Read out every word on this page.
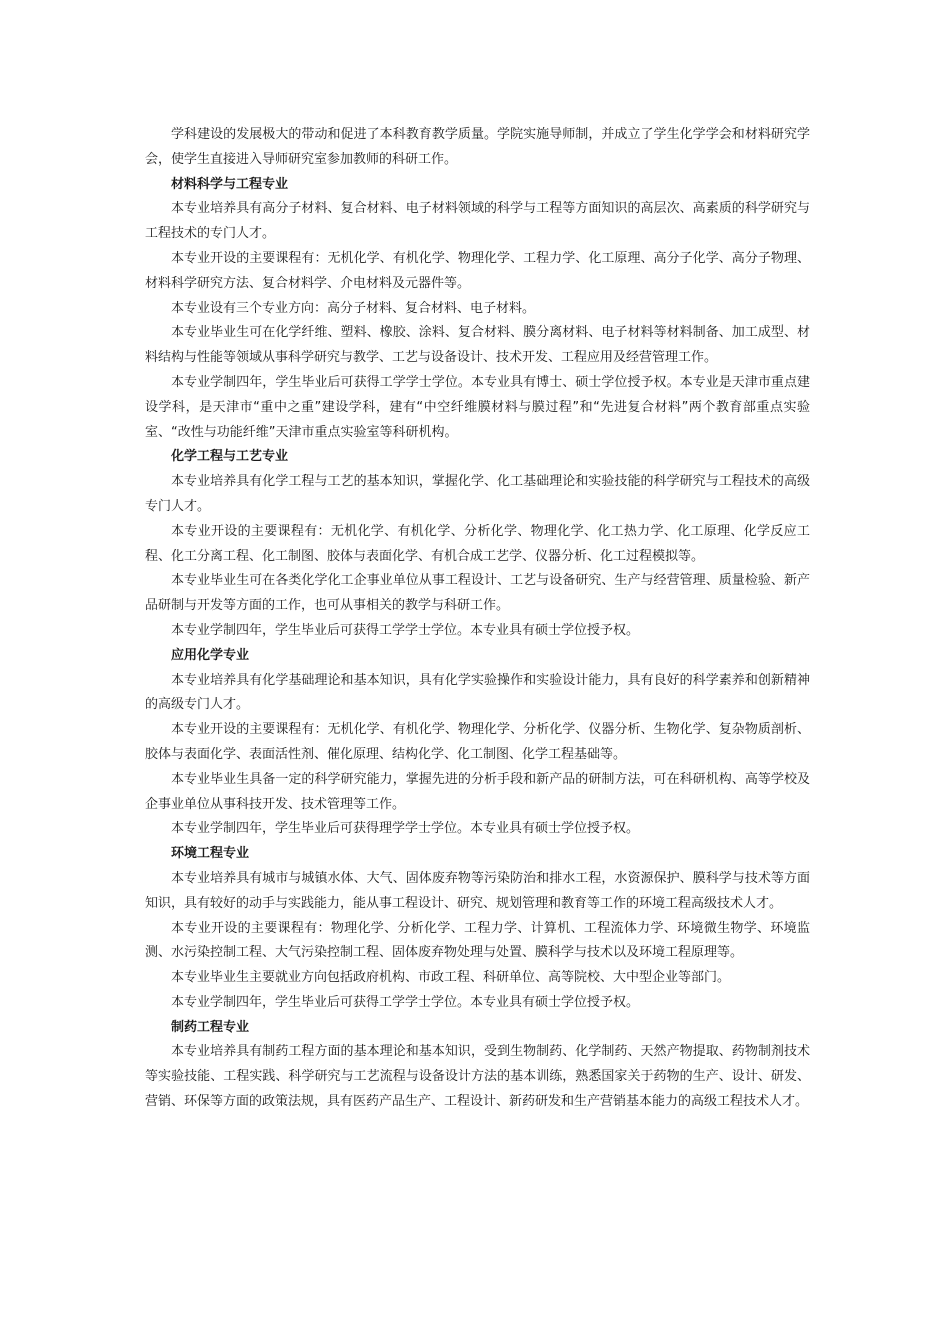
学科建设的发展极大的带动和促进了本科教育教学质量。学院实施导师制，并成立了学生化学学会和材料研究学会，使学生直接进入导师研究室参加教师的科研工作。

材料科学与工程专业

本专业培养具有高分子材料、复合材料、电子材料领域的科学与工程等方面知识的高层次、高素质的科学研究与工程技术的专门人才。

本专业开设的主要课程有：无机化学、有机化学、物理化学、工程力学、化工原理、高分子化学、高分子物理、材料科学研究方法、复合材料学、介电材料及元器件等。

本专业设有三个专业方向：高分子材料、复合材料、电子材料。

本专业毕业生可在化学纤维、塑料、橡胶、涂料、复合材料、膜分离材料、电子材料等材料制备、加工成型、材料结构与性能等领域从事科学研究与教学、工艺与设备设计、技术开发、工程应用及经营管理工作。

本专业学制四年，学生毕业后可获得工学学士学位。本专业具有博士、硕士学位授予权。本专业是天津市重点建设学科，是天津市“重中之重”建设学科，建有“中空纤维膜材料与膜过程”和“先进复合材料”两个教育部重点实验室、“改性与功能纤维”天津市重点实验室等科研机构。

化学工程与工艺专业

本专业培养具有化学工程与工艺的基本知识，掌握化学、化工基础理论和实验技能的科学研究与工程技术的高级专门人才。

本专业开设的主要课程有：无机化学、有机化学、分析化学、物理化学、化工热力学、化工原理、化学反应工程、化工分离工程、化工制图、胶体与表面化学、有机合成工艺学、仪器分析、化工过程模拟等。

本专业毕业生可在各类化学化工企事业单位从事工程设计、工艺与设备研究、生产与经营管理、质量检验、新产品研制与开发等方面的工作，也可从事相关的教学与科研工作。

本专业学制四年，学生毕业后可获得工学学士学位。本专业具有硕士学位授予权。

应用化学专业

本专业培养具有化学基础理论和基本知识，具有化学实验操作和实验设计能力，具有良好的科学素养和创新精神的高级专门人才。

本专业开设的主要课程有：无机化学、有机化学、物理化学、分析化学、仪器分析、生物化学、复杂物质剖析、胶体与表面化学、表面活性剂、催化原理、结构化学、化工制图、化学工程基础等。

本专业毕业生具备一定的科学研究能力，掌握先进的分析手段和新产品的研制方法，可在科研机构、高等学校及企事业单位从事科技开发、技术管理等工作。

本专业学制四年，学生毕业后可获得理学学士学位。本专业具有硕士学位授予权。

环境工程专业

本专业培养具有城市与城镇水体、大气、固体废弃物等污染防治和排水工程，水资源保护、膜科学与技术等方面知识，具有较好的动手与实践能力，能从事工程设计、研究、规划管理和教育等工作的环境工程高级技术人才。

本专业开设的主要课程有：物理化学、分析化学、工程力学、计算机、工程流体力学、环境微生物学、环境监测、水污染控制工程、大气污染控制工程、固体废弃物处理与处置、膜科学与技术以及环境工程原理等。

本专业毕业生主要就业方向包括政府机构、市政工程、科研单位、高等院校、大中型企业等部门。

本专业学制四年，学生毕业后可获得工学学士学位。本专业具有硕士学位授予权。

制药工程专业

本专业培养具有制药工程方面的基本理论和基本知识，受到生物制药、化学制药、天然产物提取、药物制剂技术等实验技能、工程实践、科学研究与工艺流程与设备设计方法的基本训练，熟悉国家关于药物的生产、设计、研发、营销、环保等方面的政策法规，具有医药产品生产、工程设计、新药研发和生产营销基本能力的高级工程技术人才。
